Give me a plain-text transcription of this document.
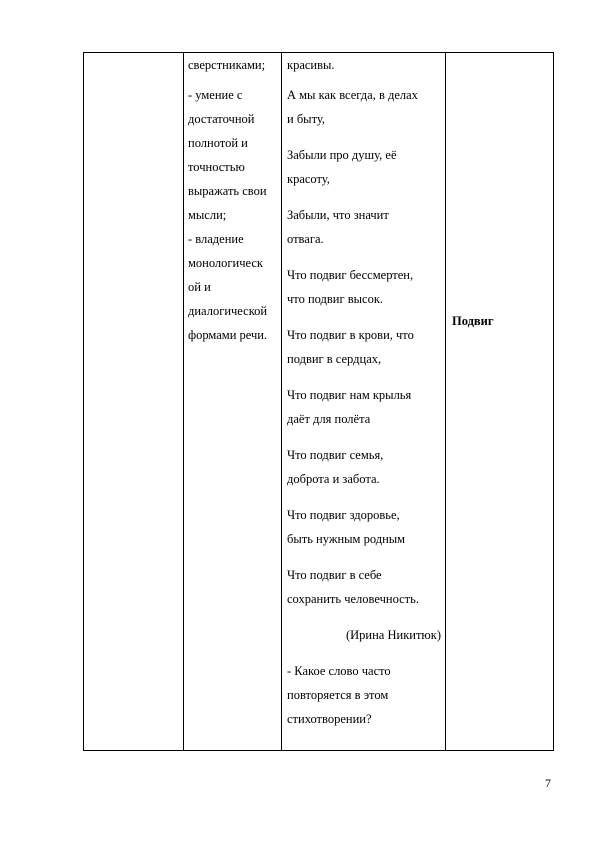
сверстниками;
- умение с
достаточной
полнотой и
точностью
выражать свои
мысли;
- владение
монологическ
ой и
диалогической
формами речи.
красивы.
А мы как всегда, в делах
и быту,
Забыли про душу, её
красоту,
Забыли, что значит
отвага.
Что подвиг бессмертен,
что подвиг высок.
Что подвиг в крови, что
подвиг в сердцах,
Что подвиг нам крылья
даёт для полёта
Что подвиг семья,
доброта и забота.
Что подвиг здоровье,
быть нужным родным
Что подвиг в себе
сохранить человечность.
(Ирина Никитюк)
- Какое слово часто
повторяется в этом
стихотворении?
Подвиг
7
